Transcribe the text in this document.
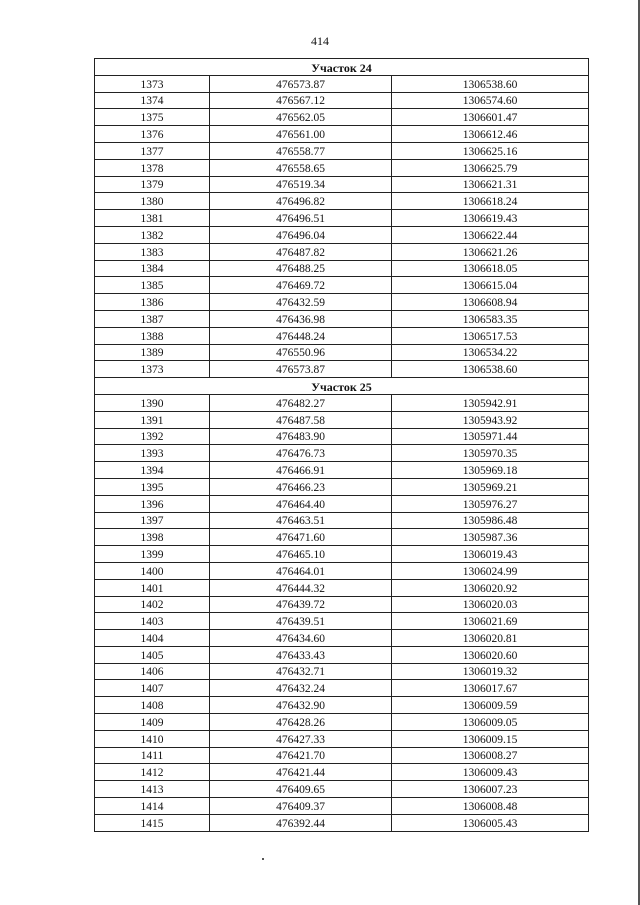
414
Участок 24		
1373	476573.87	1306538.60
1374	476567.12	1306574.60
1375	476562.05	1306601.47
1376	476561.00	1306612.46
1377	476558.77	1306625.16
1378	476558.65	1306625.79
1379	476519.34	1306621.31
1380	476496.82	1306618.24
1381	476496.51	1306619.43
1382	476496.04	1306622.44
1383	476487.82	1306621.26
1384	476488.25	1306618.05
1385	476469.72	1306615.04
1386	476432.59	1306608.94
1387	476436.98	1306583.35
1388	476448.24	1306517.53
1389	476550.96	1306534.22
1373	476573.87	1306538.60
Участок 25		
1390	476482.27	1305942.91
1391	476487.58	1305943.92
1392	476483.90	1305971.44
1393	476476.73	1305970.35
1394	476466.91	1305969.18
1395	476466.23	1305969.21
1396	476464.40	1305976.27
1397	476463.51	1305986.48
1398	476471.60	1305987.36
1399	476465.10	1306019.43
1400	476464.01	1306024.99
1401	476444.32	1306020.92
1402	476439.72	1306020.03
1403	476439.51	1306021.69
1404	476434.60	1306020.81
1405	476433.43	1306020.60
1406	476432.71	1306019.32
1407	476432.24	1306017.67
1408	476432.90	1306009.59
1409	476428.26	1306009.05
1410	476427.33	1306009.15
1411	476421.70	1306008.27
1412	476421.44	1306009.43
1413	476409.65	1306007.23
1414	476409.37	1306008.48
1415	476392.44	1306005.43
